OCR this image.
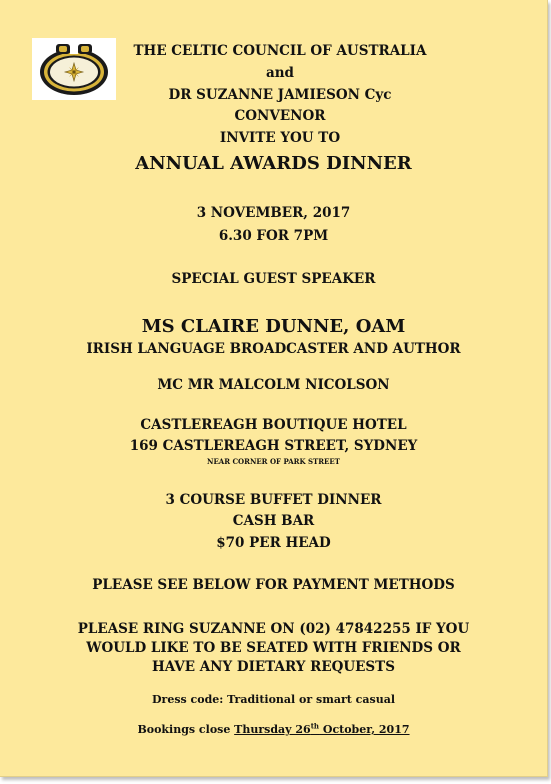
THE CELTIC COUNCIL OF AUSTRALIA
and
DR SUZANNE JAMIESON Cyc
CONVENOR
INVITE YOU TO
ANNUAL AWARDS DINNER
3 NOVEMBER, 2017
6.30 FOR 7PM
SPECIAL GUEST SPEAKER
MS CLAIRE DUNNE, OAM
IRISH LANGUAGE BROADCASTER AND AUTHOR
MC MR MALCOLM NICOLSON
CASTLEREAGH BOUTIQUE HOTEL
169 CASTLEREAGH STREET, SYDNEY
NEAR CORNER OF PARK STREET
3 COURSE BUFFET DINNER
CASH BAR
$70 PER HEAD
PLEASE SEE BELOW FOR PAYMENT METHODS
PLEASE RING SUZANNE ON (02) 47842255 IF YOU
WOULD LIKE TO BE SEATED WITH FRIENDS OR
HAVE ANY DIETARY REQUESTS
Dress code: Traditional or smart casual
Bookings close Thursday 26th October, 2017
